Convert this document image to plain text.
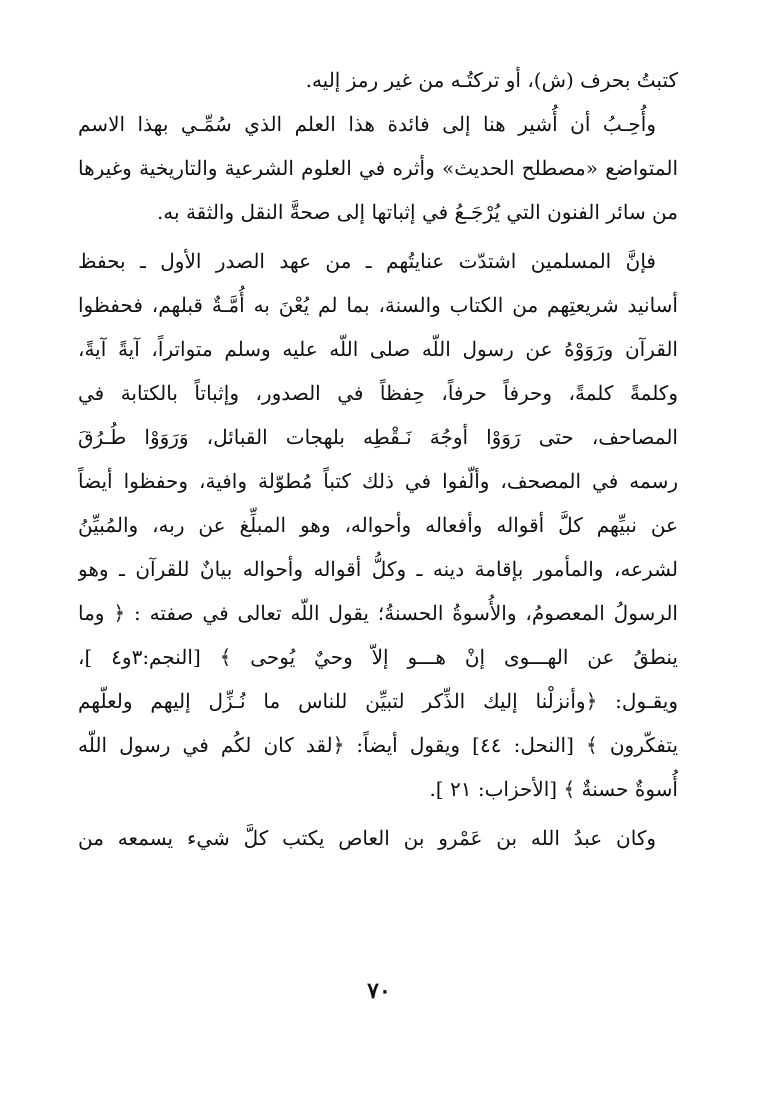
كتبتُ بحرف (ش)، أو تركتُـه من غير رمز إليه.
وأُحِـبُ أن أُشير هنا إلى فائدة هذا العلم الذي سُمِّـي بهذا الاسم
المتواضع «مصطلح الحديث» وأثره في العلوم الشرعية والتاريخية وغيرها
من سائر الفنون التي يُرْجَـعُ في إثباتها إلى صحةَّ النقل والثقة به.
فإنَّ المسلمين اشتدّت عنايتُهم ـ من عهد الصدر الأول ـ بحفظ
أسانيد شريعتِهم من الكتاب والسنة، بما لم يُعْنَ به أُمَّـةٌ قبلهم، فحفظوا
القرآن ورَوَوْهُ عن رسول اللّه صلى اللّه عليه وسلم متواتراً، آيةً آيةً،
وكلمةً كلمةً، وحرفاً حرفاً، حِفظاً في الصدور، وإثباتاً بالكتابة في
المصاحف، حتى رَوَوْا أوجُهَ نَـقْطِه بلهجات القبائل، وَرَوَوْا طُـرُقَ
رسمه في المصحف، وألّفوا في ذلك كتباً مُطوّلة وافية، وحفظوا أيضاً
عن نبيِّهم كلَّ أقواله وأفعاله وأحواله، وهو المبلِّغ عن ربه، والمُبيِّنُ
لشرعه، والمأمور بإقامة دينه ـ وكلُّ أقواله وأحواله بيانٌ للقرآن ـ وهو
الرسولُ المعصومُ، والأُسوةُ الحسنةُ؛ يقول اللّه تعالى في صفته : ﴿ وما
ينطقُ عن الهـــوى إنْ هـــو إلاّ وحيٌ يُوحى ﴾ [النجم:٣و٤ ]،
ويقـول: ﴿وأنزلْنا إليك الذِّكر لتبيِّن للناس ما نُـزِّل إليهم ولعلّهم
يتفكّرون ﴾ [النحل: ٤٤] ويقول أيضاً: ﴿لقد كان لكُم في رسول اللّه
أُسوةٌ حسنةٌ ﴾ [الأحزاب: ٢١ ].
وكان عبدُ الله بن عَمْرو بن العاص يكتب كلَّ شيء يسمعه من
٧٠
